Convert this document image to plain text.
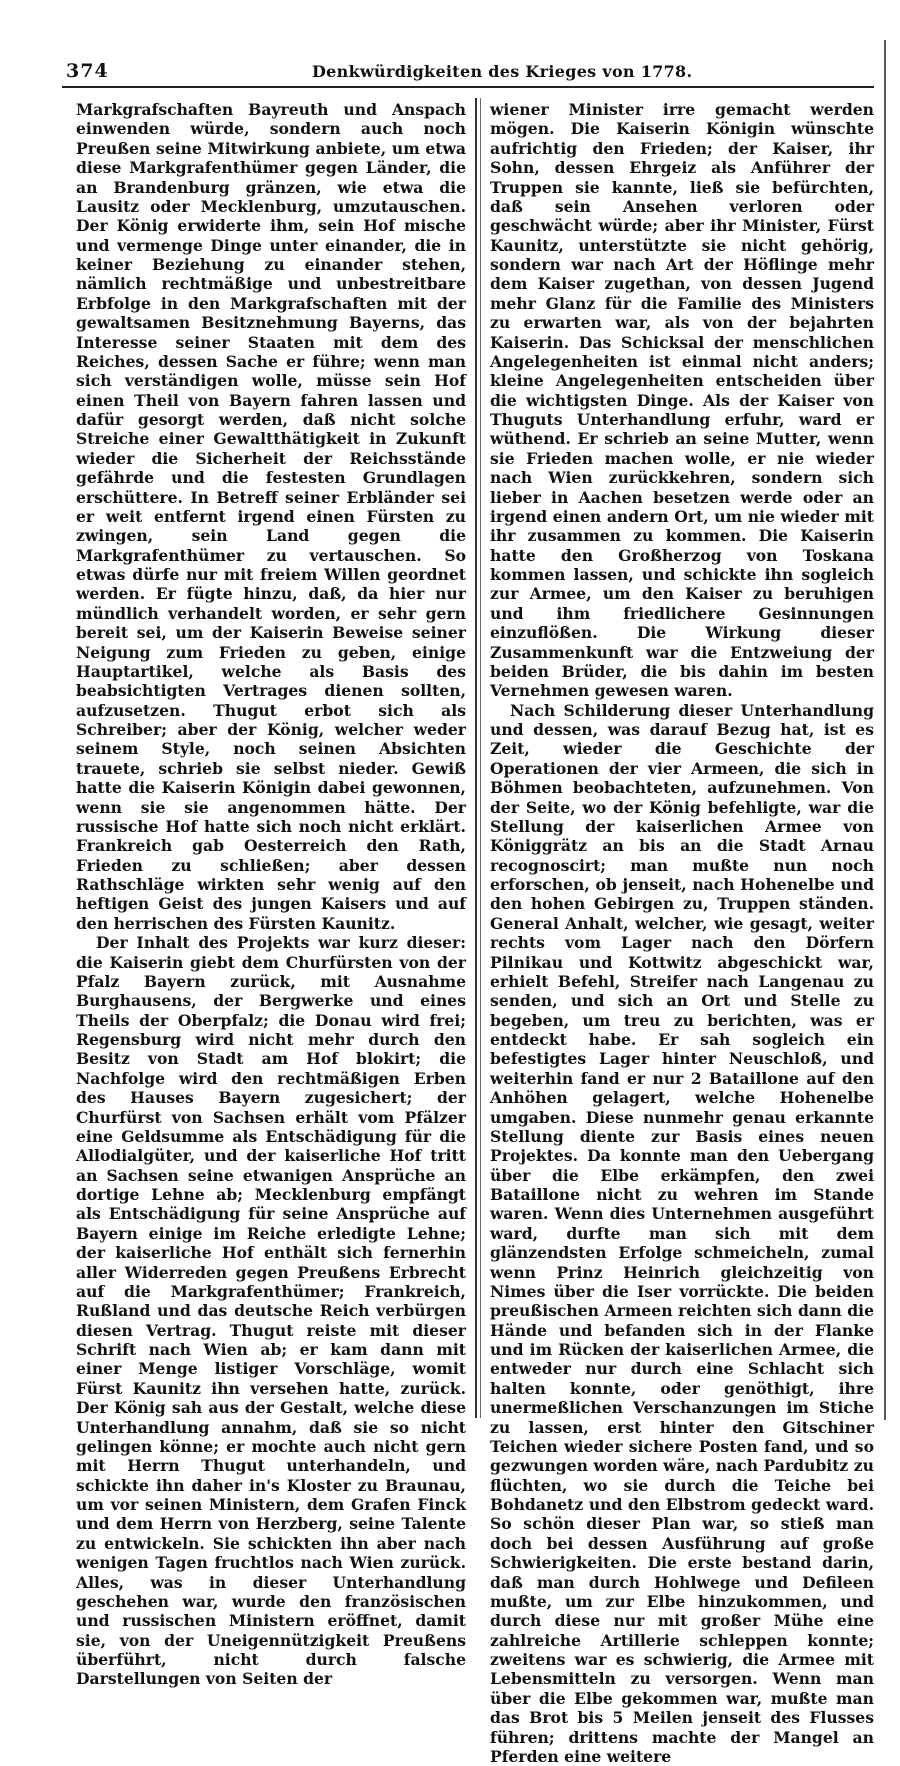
374	Denkwürdigkeiten des Krieges von 1778.

Markgrafschaften Bayreuth und Anspach einwenden würde, sondern auch noch Preußen seine Mitwirkung anbiete, um etwa diese Markgrafenthümer gegen Länder, die an Brandenburg gränzen, wie etwa die Lausitz oder Mecklenburg, umzutauschen. Der König erwiderte ihm, sein Hof mische und vermenge Dinge unter einander, die in keiner Beziehung zu einander stehen, nämlich rechtmäßige und unbestreitbare Erbfolge in den Markgrafschaften mit der gewaltsamen Besitznehmung Bayerns, das Interesse seiner Staaten mit dem des Reiches, dessen Sache er führe; wenn man sich verständigen wolle, müsse sein Hof einen Theil von Bayern fahren lassen und dafür gesorgt werden, daß nicht solche Streiche einer Gewaltthätigkeit in Zukunft wieder die Sicherheit der Reichsstände gefährde und die festesten Grundlagen erschüttere. In Betreff seiner Erbländer sei er weit entfernt irgend einen Fürsten zu zwingen, sein Land gegen die Markgrafenthümer zu vertauschen. So etwas dürfe nur mit freiem Willen geordnet werden. Er fügte hinzu, daß, da hier nur mündlich verhandelt worden, er sehr gern bereit sei, um der Kaiserin Beweise seiner Neigung zum Frieden zu geben, einige Hauptartikel, welche als Basis des beabsichtigten Vertrages dienen sollten, aufzusetzen. Thugut erbot sich als Schreiber; aber der König, welcher weder seinem Style, noch seinen Absichten trauete, schrieb sie selbst nieder. Gewiß hatte die Kaiserin Königin dabei gewonnen, wenn sie sie angenommen hätte. Der russische Hof hatte sich noch nicht erklärt. Frankreich gab Oesterreich den Rath, Frieden zu schließen; aber dessen Rathschläge wirkten sehr wenig auf den heftigen Geist des jungen Kaisers und auf den herrischen des Fürsten Kaunitz.

Der Inhalt des Projekts war kurz dieser: die Kaiserin giebt dem Churfürsten von der Pfalz Bayern zurück, mit Ausnahme Burghausens, der Bergwerke und eines Theils der Oberpfalz; die Donau wird frei; Regensburg wird nicht mehr durch den Besitz von Stadt am Hof blokirt; die Nachfolge wird den rechtmäßigen Erben des Hauses Bayern zugesichert; der Churfürst von Sachsen erhält vom Pfälzer eine Geldsumme als Entschädigung für die Allodialgüter, und der kaiserliche Hof tritt an Sachsen seine etwanigen Ansprüche an dortige Lehne ab; Mecklenburg empfängt als Entschädigung für seine Ansprüche auf Bayern einige im Reiche erledigte Lehne; der kaiserliche Hof enthält sich fernerhin aller Widerreden gegen Preußens Erbrecht auf die Markgrafenthümer; Frankreich, Rußland und das deutsche Reich verbürgen diesen Vertrag. Thugut reiste mit dieser Schrift nach Wien ab; er kam dann mit einer Menge listiger Vorschläge, womit Fürst Kaunitz ihn versehen hatte, zurück. Der König sah aus der Gestalt, welche diese Unterhandlung annahm, daß sie so nicht gelingen könne; er mochte auch nicht gern mit Herrn Thugut unterhandeln, und schickte ihn daher in's Kloster zu Braunau, um vor seinen Ministern, dem Grafen Finck und dem Herrn von Herzberg, seine Talente zu entwickeln. Sie schickten ihn aber nach wenigen Tagen fruchtlos nach Wien zurück. Alles, was in dieser Unterhandlung geschehen war, wurde den französischen und russischen Ministern eröffnet, damit sie, von der Uneigennützigkeit Preußens überführt, nicht durch falsche Darstellungen von Seiten der

wiener Minister irre gemacht werden mögen. Die Kaiserin Königin wünschte aufrichtig den Frieden; der Kaiser, ihr Sohn, dessen Ehrgeiz als Anführer der Truppen sie kannte, ließ sie befürchten, daß sein Ansehen verloren oder geschwächt würde; aber ihr Minister, Fürst Kaunitz, unterstützte sie nicht gehörig, sondern war nach Art der Höflinge mehr dem Kaiser zugethan, von dessen Jugend mehr Glanz für die Familie des Ministers zu erwarten war, als von der bejahrten Kaiserin. Das Schicksal der menschlichen Angelegenheiten ist einmal nicht anders; kleine Angelegenheiten entscheiden über die wichtigsten Dinge. Als der Kaiser von Thuguts Unterhandlung erfuhr, ward er wüthend. Er schrieb an seine Mutter, wenn sie Frieden machen wolle, er nie wieder nach Wien zurückkehren, sondern sich lieber in Aachen besetzen werde oder an irgend einen andern Ort, um nie wieder mit ihr zusammen zu kommen. Die Kaiserin hatte den Großherzog von Toskana kommen lassen, und schickte ihn sogleich zur Armee, um den Kaiser zu beruhigen und ihm friedlichere Gesinnungen einzuflößen. Die Wirkung dieser Zusammenkunft war die Entzweiung der beiden Brüder, die bis dahin im besten Vernehmen gewesen waren.

Nach Schilderung dieser Unterhandlung und dessen, was darauf Bezug hat, ist es Zeit, wieder die Geschichte der Operationen der vier Armeen, die sich in Böhmen beobachteten, aufzunehmen. Von der Seite, wo der König befehligte, war die Stellung der kaiserlichen Armee von Königgrätz an bis an die Stadt Arnau recognoscirt; man mußte nun noch erforschen, ob jenseit, nach Hohenelbe und den hohen Gebirgen zu, Truppen ständen. General Anhalt, welcher, wie gesagt, weiter rechts vom Lager nach den Dörfern Pilnikau und Kottwitz abgeschickt war, erhielt Befehl, Streifer nach Langenau zu senden, und sich an Ort und Stelle zu begeben, um treu zu berichten, was er entdeckt habe. Er sah sogleich ein befestigtes Lager hinter Neuschloß, und weiterhin fand er nur 2 Bataillone auf den Anhöhen gelagert, welche Hohenelbe umgaben. Diese nunmehr genau erkannte Stellung diente zur Basis eines neuen Projektes. Da konnte man den Uebergang über die Elbe erkämpfen, den zwei Bataillone nicht zu wehren im Stande waren. Wenn dies Unternehmen ausgeführt ward, durfte man sich mit dem glänzendsten Erfolge schmeicheln, zumal wenn Prinz Heinrich gleichzeitig von Nimes über die Iser vorrückte. Die beiden preußischen Armeen reichten sich dann die Hände und befanden sich in der Flanke und im Rücken der kaiserlichen Armee, die entweder nur durch eine Schlacht sich halten konnte, oder genöthigt, ihre unermeßlichen Verschanzungen im Stiche zu lassen, erst hinter den Gitschiner Teichen wieder sichere Posten fand, und so gezwungen worden wäre, nach Pardubitz zu flüchten, wo sie durch die Teiche bei Bohdanetz und den Elbstrom gedeckt ward. So schön dieser Plan war, so stieß man doch bei dessen Ausführung auf große Schwierigkeiten. Die erste bestand darin, daß man durch Hohlwege und Defileen mußte, um zur Elbe hinzukommen, und durch diese nur mit großer Mühe eine zahlreiche Artillerie schleppen konnte; zweitens war es schwierig, die Armee mit Lebensmitteln zu versorgen. Wenn man über die Elbe gekommen war, mußte man das Brot bis 5 Meilen jenseit des Flusses führen; drittens machte der Mangel an Pferden eine weitere
